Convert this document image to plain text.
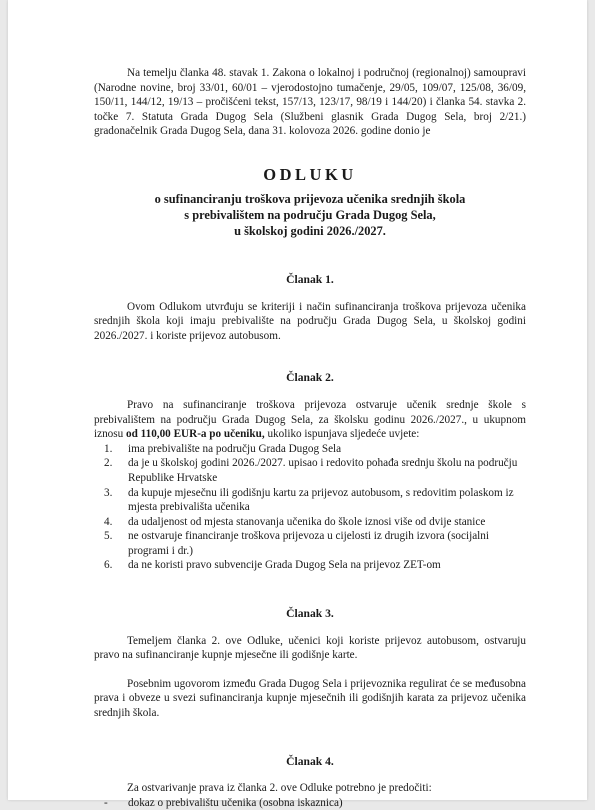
Na temelju članka 48. stavak 1. Zakona o lokalnoj i područnoj (regionalnoj) samoupravi (Narodne novine, broj 33/01, 60/01 – vjerodostojno tumačenje, 29/05, 109/07, 125/08, 36/09, 150/11, 144/12, 19/13 – pročišćeni tekst, 157/13, 123/17, 98/19 i 144/20) i članka 54. stavka 2. točke 7. Statuta Grada Dugog Sela (Službeni glasnik Grada Dugog Sela, broj 2/21.) gradonačelnik Grada Dugog Sela, dana 31. kolovoza 2026. godine donio je

ODLUKU
o sufinanciranju troškova prijevoza učenika srednjih škola
s prebivalištem na području Grada Dugog Sela,
u školskoj godini 2026./2027.
Članak 1.

Ovom Odlukom utvrđuju se kriteriji i način sufinanciranja troškova prijevoza učenika srednjih škola koji imaju prebivalište na području Grada Dugog Sela, u školskoj godini 2026./2027. i koriste prijevoz autobusom.

Članak 2.

Pravo na sufinanciranje troškova prijevoza ostvaruje učenik srednje škole s prebivalištem na području Grada Dugog Sela, za školsku godinu 2026./2027., u ukupnom iznosu od 110,00 EUR-a po učeniku, ukoliko ispunjava sljedeće uvjete:

1. ima prebivalište na području Grada Dugog Sela
2. da je u školskoj godini 2026./2027. upisao i redovito pohađa srednju školu na području Republike Hrvatske
3. da kupuje mjesečnu ili godišnju kartu za prijevoz autobusom, s redovitim polaskom iz mjesta prebivališta učenika
4. da udaljenost od mjesta stanovanja učenika do škole iznosi više od dvije stanice
5. ne ostvaruje financiranje troškova prijevoza u cijelosti iz drugih izvora (socijalni programi i dr.)
6. da ne koristi pravo subvencije Grada Dugog Sela na prijevoz ZET-om
Članak 3.

Temeljem članka 2. ove Odluke, učenici koji koriste prijevoz autobusom, ostvaruju pravo na sufinanciranje kupnje mjesečne ili godišnje karte.

Posebnim ugovorom između Grada Dugog Sela i prijevoznika regulirat će se međusobna prava i obveze u svezi sufinanciranja kupnje mjesečnih ili godišnjih karata za prijevoz učenika srednjih škola.

Članak 4.

Za ostvarivanje prava iz članka 2. ove Odluke potrebno je predočiti:

- dokaz o prebivalištu učenika (osobna iskaznica)
